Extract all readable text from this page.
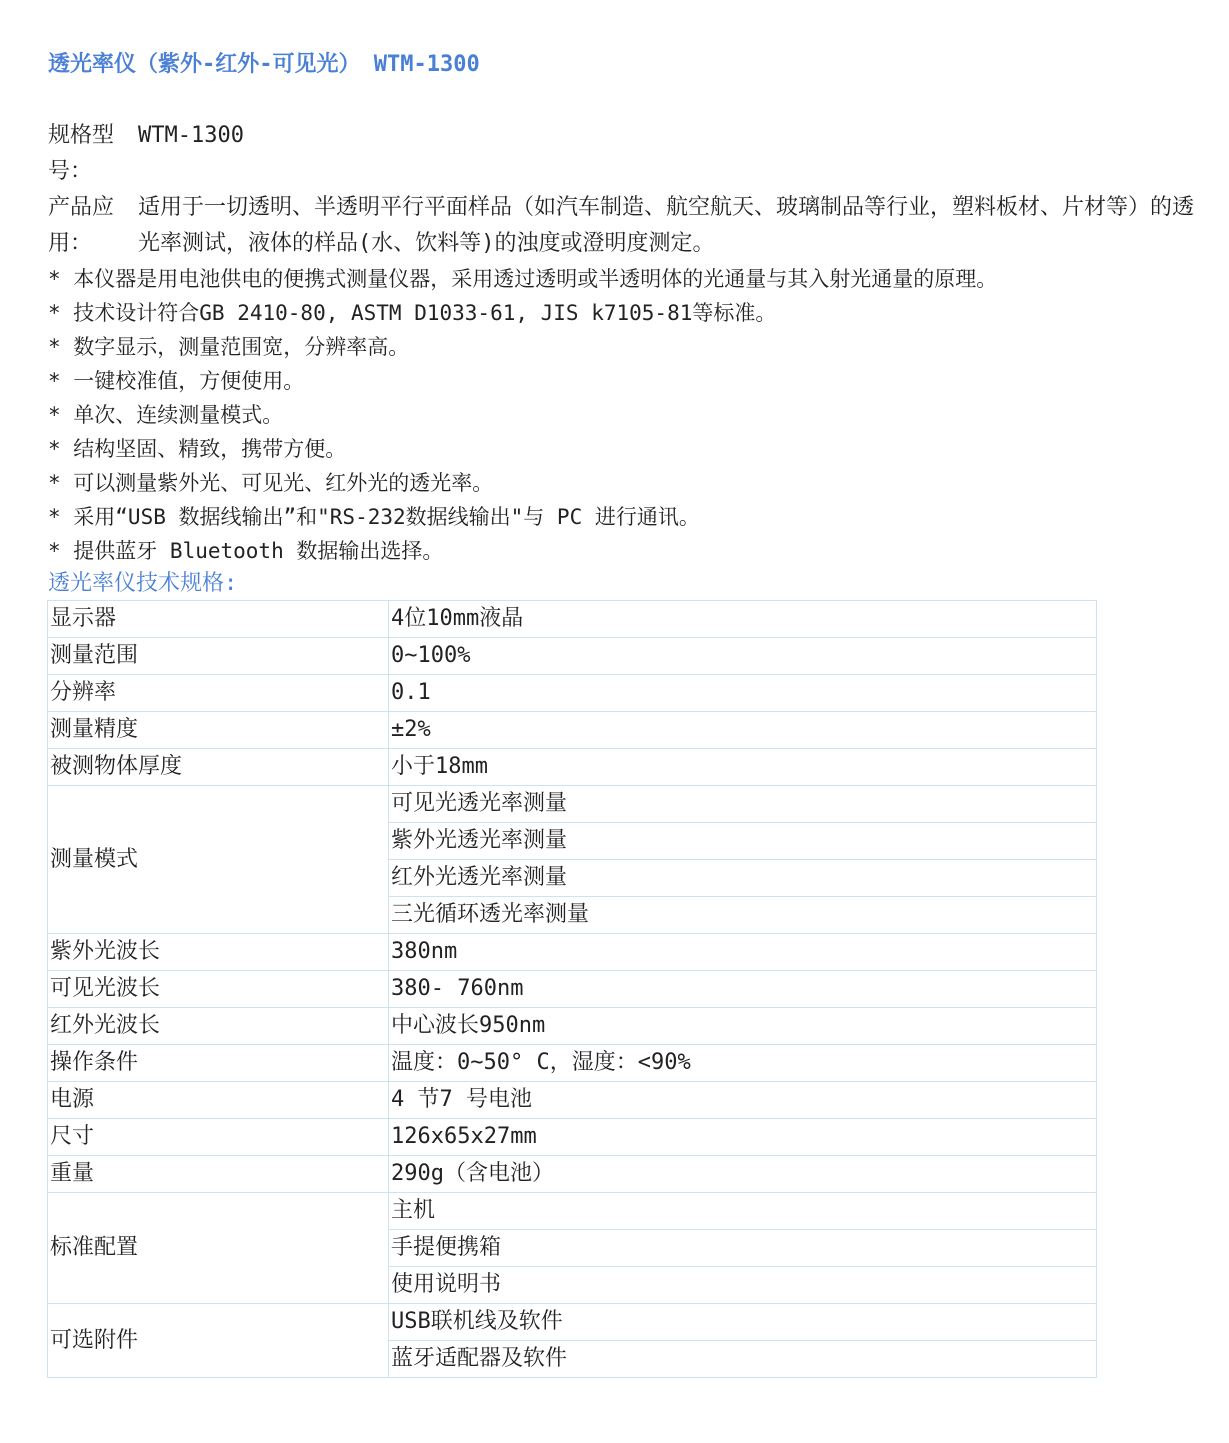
透光率仪（紫外-红外-可见光） WTM-1300
规格型号：
WTM-1300
产品应用：
适用于一切透明、半透明平行平面样品（如汽车制造、航空航天、玻璃制品等行业，塑料板材、片材等）的透光率测试，液体的样品(水、饮料等)的浊度或澄明度测定。
* 本仪器是用电池供电的便携式测量仪器，采用透过透明或半透明体的光通量与其入射光通量的原理。
* 技术设计符合GB 2410-80, ASTM D1033-61, JIS k7105-81等标准。
* 数字显示，测量范围宽，分辨率高。
* 一键校准值，方便使用。
* 单次、连续测量模式。
* 结构坚固、精致，携带方便。
* 可以测量紫外光、可见光、红外光的透光率。
* 采用“USB 数据线输出”和"RS-232数据线输出"与 PC 进行通讯。
* 提供蓝牙 Bluetooth 数据输出选择。
透光率仪技术规格:
显示器	4位10mm液晶
测量范围	0~100%
分辨率	0.1
测量精度	±2%
被测物体厚度	小于18mm
测量模式	可见光透光率测量
	紫外光透光率测量
	红外光透光率测量
	三光循环透光率测量
紫外光波长	380nm
可见光波长	380- 760nm
红外光波长	中心波长950nm
操作条件	温度：0~50° C，湿度：<90%
电源	4 节7 号电池
尺寸	126x65x27mm
重量	290g（含电池）
标准配置	主机
	手提便携箱
	使用说明书
可选附件	USB联机线及软件
	蓝牙适配器及软件
